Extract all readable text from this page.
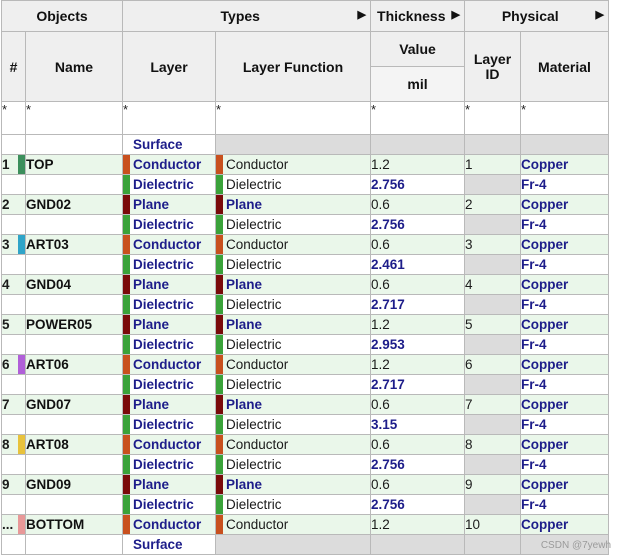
Objects		Types ▶		Thickness ▶	Physical ▶	

#	Name	Layer	Layer Function	Value	Layer ID	Material
				mil		
*	*	*	*	*	*	*
		Surface				
1	TOP	Conductor	Conductor	1.2	1	Copper
		Dielectric	Dielectric	2.756		Fr-4
2	GND02	Plane	Plane	0.6	2	Copper
		Dielectric	Dielectric	2.756		Fr-4
3	ART03	Conductor	Conductor	0.6	3	Copper
		Dielectric	Dielectric	2.461		Fr-4
4	GND04	Plane	Plane	0.6	4	Copper
		Dielectric	Dielectric	2.717		Fr-4
5	POWER05	Plane	Plane	1.2	5	Copper
		Dielectric	Dielectric	2.953		Fr-4
6	ART06	Conductor	Conductor	1.2	6	Copper
		Dielectric	Dielectric	2.717		Fr-4
7	GND07	Plane	Plane	0.6	7	Copper
		Dielectric	Dielectric	3.15		Fr-4
8	ART08	Conductor	Conductor	0.6	8	Copper
		Dielectric	Dielectric	2.756		Fr-4
9	GND09	Plane	Plane	0.6	9	Copper
		Dielectric	Dielectric	2.756		Fr-4
...	BOTTOM	Conductor	Conductor	1.2	10	Copper
		Surface					CSDN @7yewh
